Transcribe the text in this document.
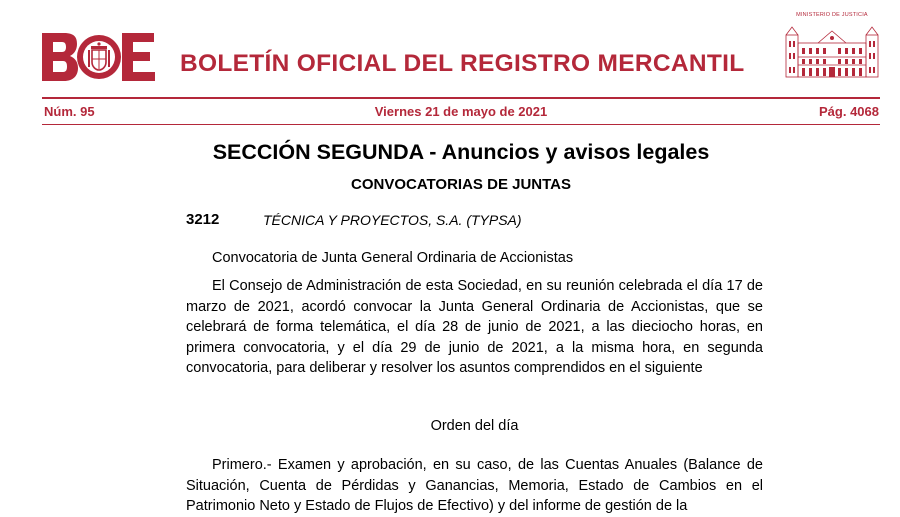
BOLETÍN OFICIAL DEL REGISTRO MERCANTIL
MINISTERIO DE JUSTICIA
Núm. 95	Viernes 21 de mayo de 2021	Pág. 4068
SECCIÓN SEGUNDA - Anuncios y avisos legales
CONVOCATORIAS DE JUNTAS
3212	TÉCNICA Y PROYECTOS, S.A. (TYPSA)
Convocatoria de Junta General Ordinaria de Accionistas
El Consejo de Administración de esta Sociedad, en su reunión celebrada el día 17 de marzo de 2021, acordó convocar la Junta General Ordinaria de Accionistas, que se celebrará de forma telemática, el día 28 de junio de 2021, a las dieciocho horas, en primera convocatoria, y el día 29 de junio de 2021, a la misma hora, en segunda convocatoria, para deliberar y resolver los asuntos comprendidos en el siguiente
Orden del día
Primero.- Examen y aprobación, en su caso, de las Cuentas Anuales (Balance de Situación, Cuenta de Pérdidas y Ganancias, Memoria, Estado de Cambios en el Patrimonio Neto y Estado de Flujos de Efectivo) y del informe de gestión de la
